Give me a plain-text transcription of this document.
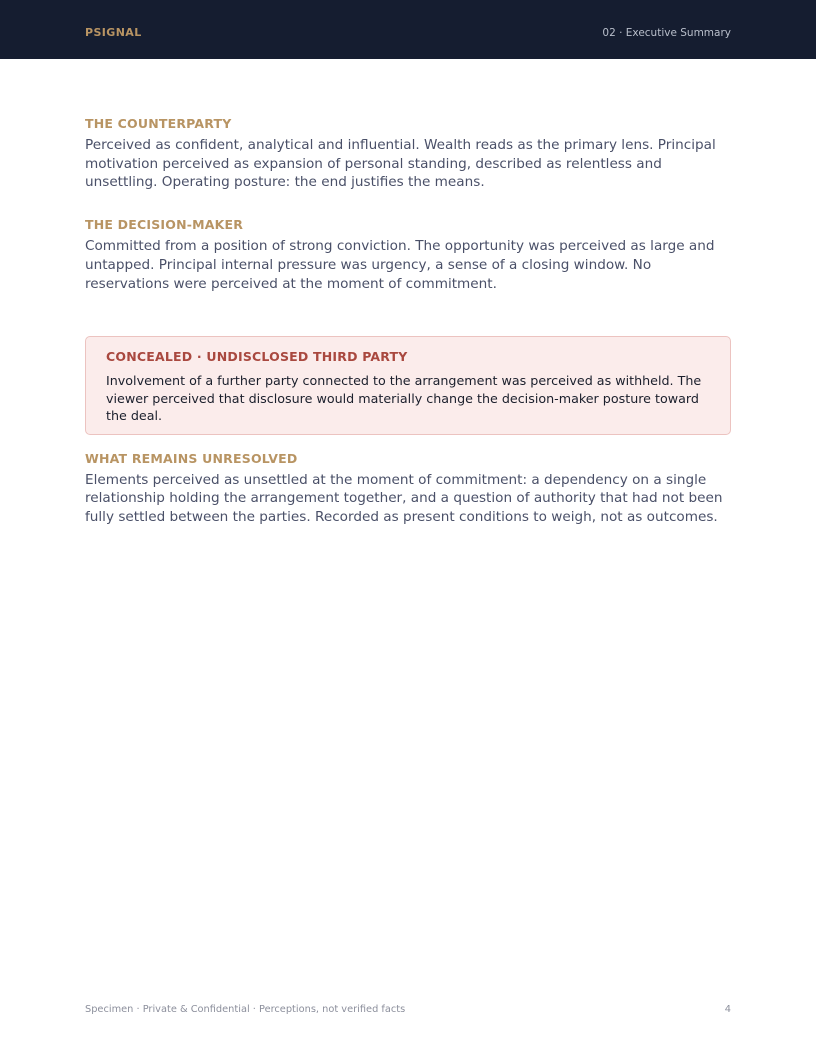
PSIGNAL	02 · Executive Summary

THE COUNTERPARTY

Perceived as confident, analytical and influential. Wealth reads as the primary lens. Principal motivation perceived as expansion of personal standing, described as relentless and unsettling. Operating posture: the end justifies the means.

THE DECISION-MAKER

Committed from a position of strong conviction. The opportunity was perceived as large and untapped. Principal internal pressure was urgency, a sense of a closing window. No reservations were perceived at the moment of commitment.

CONCEALED · UNDISCLOSED THIRD PARTY

Involvement of a further party connected to the arrangement was perceived as withheld. The viewer perceived that disclosure would materially change the decision-maker posture toward the deal.

WHAT REMAINS UNRESOLVED

Elements perceived as unsettled at the moment of commitment: a dependency on a single relationship holding the arrangement together, and a question of authority that had not been fully settled between the parties. Recorded as present conditions to weigh, not as outcomes.

Specimen · Private & Confidential · Perceptions, not verified facts	4
